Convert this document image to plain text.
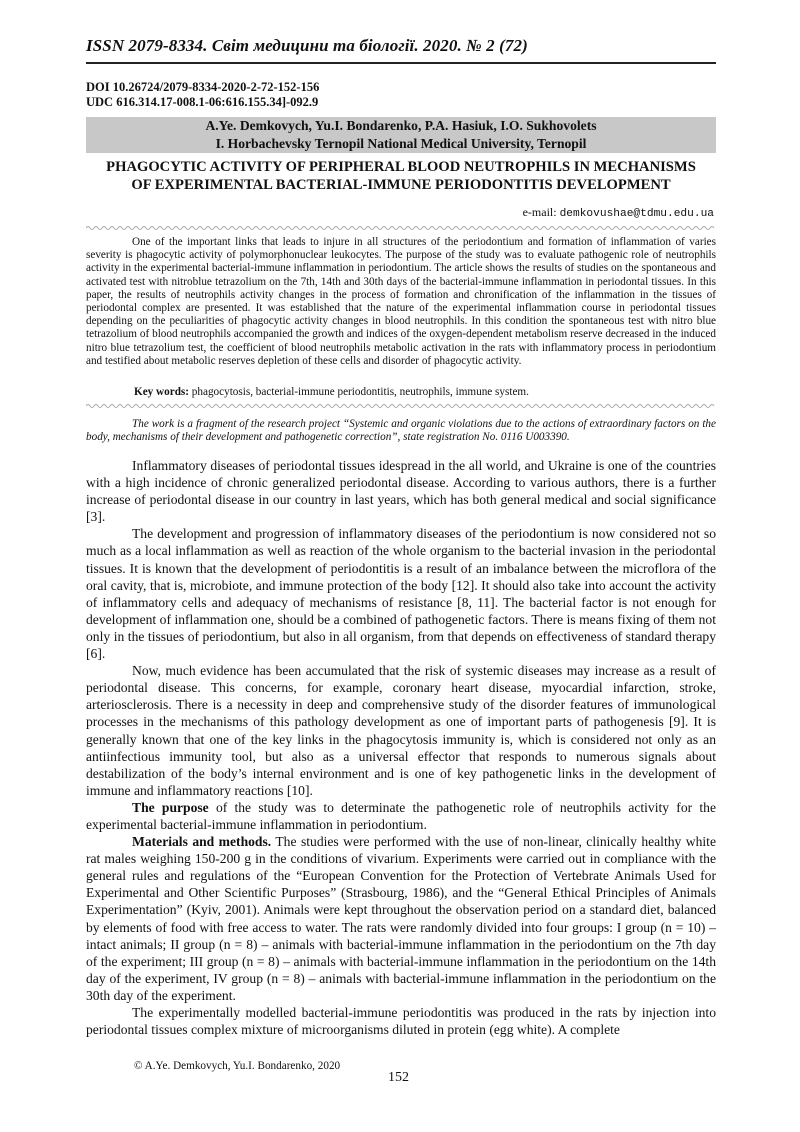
ISSN 2079-8334. Світ медицини та біології. 2020. № 2 (72)
DOI 10.26724/2079-8334-2020-2-72-152-156
UDC 616.314.17-008.1-06:616.155.34]-092.9
A.Ye. Demkovych, Yu.I. Bondarenko, P.A. Hasiuk, I.O. Sukhovolets
I. Horbachevsky Ternopil National Medical University, Ternopil
PHAGOCYTIC ACTIVITY OF PERIPHERAL BLOOD NEUTROPHILS IN MECHANISMS
OF EXPERIMENTAL BACTERIAL-IMMUNE PERIODONTITIS DEVELOPMENT
e-mail: demkovushae@tdmu.edu.ua
One of the important links that leads to injure in all structures of the periodontium and formation of inflammation of varies severity is phagocytic activity of polymorphonuclear leukocytes. The purpose of the study was to evaluate pathogenic role of neutrophils activity in the experimental bacterial-immune inflammation in periodontium. The article shows the results of studies on the spontaneous and activated test with nitroblue tetrazolium on the 7th, 14th and 30th days of the bacterial-immune inflammation in periodontal tissues. In this paper, the results of neutrophils activity changes in the process of formation and chronification of the inflammation in the tissues of periodontal complex are presented. It was established that the nature of the experimental inflammation course in periodontal tissues depending on the peculiarities of phagocytic activity changes in blood neutrophils. In this condition the spontaneous test with nitro blue tetrazolium of blood neutrophils accompanied the growth and indices of the oxygen-dependent metabolism reserve decreased in the induced nitro blue tetrazolium test, the coefficient of blood neutrophils metabolic activation in the rats with inflammatory process in periodontium and testified about metabolic reserves depletion of these cells and disorder of phagocytic activity.
Key words: phagocytosis, bacterial-immune periodontitis, neutrophils, immune system.
The work is a fragment of the research project “Systemic and organic violations due to the actions of extraordinary factors on the body, mechanisms of their development and pathogenetic correction”, state registration No. 0116 U003390.

Inflammatory diseases of periodontal tissues idespread in the all world, and Ukraine is one of the countries with a high incidence of chronic generalized periodontal disease. According to various authors, there is a further increase of periodontal disease in our country in last years, which has both general medical and social significance [3].

The development and progression of inflammatory diseases of the periodontium is now considered not so much as a local inflammation as well as reaction of the whole organism to the bacterial invasion in the periodontal tissues. It is known that the development of periodontitis is a result of an imbalance between the microflora of the oral cavity, that is, microbiote, and immune protection of the body [12]. It should also take into account the activity of inflammatory cells and adequacy of mechanisms of resistance [8, 11]. The bacterial factor is not enough for development of inflammation one, should be a combined of pathogenetic factors. There is means fixing of them not only in the tissues of periodontium, but also in all organism, from that depends on effectiveness of standard therapy [6].

Now, much evidence has been accumulated that the risk of systemic diseases may increase as a result of periodontal disease. This concerns, for example, coronary heart disease, myocardial infarction, stroke, arteriosclerosis. There is a necessity in deep and comprehensive study of the disorder features of immunological processes in the mechanisms of this pathology development as one of important parts of pathogenesis [9]. It is generally known that one of the key links in the phagocytosis immunity is, which is considered not only as an antiinfectious immunity tool, but also as a universal effector that responds to numerous signals about destabilization of the body’s internal environment and is one of key pathogenetic links in the development of immune and inflammatory reactions [10].

The purpose of the study was to determinate the pathogenetic role of neutrophils activity for the experimental bacterial-immune inflammation in periodontium.

Materials and methods. The studies were performed with the use of non-linear, clinically healthy white rat males weighing 150-200 g in the conditions of vivarium. Experiments were carried out in compliance with the general rules and regulations of the “European Convention for the Protection of Vertebrate Animals Used for Experimental and Other Scientific Purposes” (Strasbourg, 1986), and the “General Ethical Principles of Animals Experimentation” (Kyiv, 2001). Animals were kept throughout the observation period on a standard diet, balanced by elements of food with free access to water. The rats were randomly divided into four groups: I group (n = 10) – intact animals; II group (n = 8) – animals with bacterial-immune inflammation in the periodontium on the 7th day of the experiment; III group (n = 8) – animals with bacterial-immune inflammation in the periodontium on the 14th day of the experiment, IV group (n = 8) – animals with bacterial-immune inflammation in the periodontium on the 30th day of the experiment.

The experimentally modelled bacterial-immune periodontitis was produced in the rats by injection into periodontal tissues complex mixture of microorganisms diluted in protein (egg white). A complete

© A.Ye. Demkovych, Yu.I. Bondarenko, 2020
152
